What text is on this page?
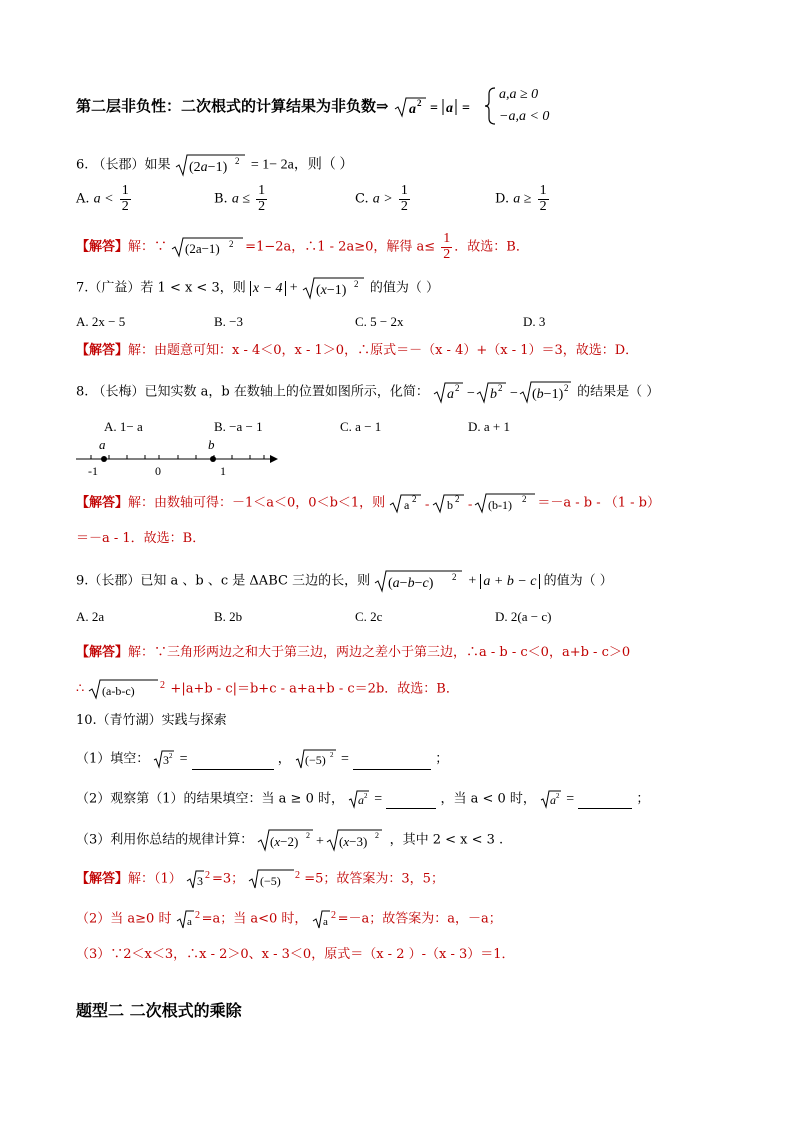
第二层非负性：二次根式的计算结果为非负数⇒ a 2 = a =
a,a ≥ 0
−a,a < 0
6. （长郡）如果 (2a−1) 2 = 1− 2a，则（ ）
A. $a < \frac{1}{2}$	B. $a \le \frac{1}{2}$	C. $a > \frac{1}{2}$	D. $a \ge \frac{1}{2}$
【解答】解：∵ (2a−1) 2 =1−2a，∴1 - 2a≥0，解得 $a\le \frac{1}{2}$ ．故选：B．
7.（广益）若 1 < x < 3，则 x − 4 + (x−1) 2 的值为（ ）
A. 2x − 5	B. −3	C. 5 − 2x	D. 3
【解答】解：由题意可知：x - 4＜0，x - 1＞0，∴原式＝－（x - 4）+（x - 1）＝3，故选：D．
8. （长梅）已知实数 a，b 在数轴上的位置如图所示，化简： a 2 − b 2 − (b−1) 2 的结果是（ ）
A. 1− a	B. −a − 1	C. a − 1	D. a + 1
a	b
-1	0	1
【解答】解：由数轴可得：－1＜a＜0，0＜b＜1，则 a 2 - b 2 - (b-1) 2 ＝－a - b - （1 - b）
＝－a - 1．故选：B．
9.（长郡）已知 a 、b 、c 是 ΔABC 三边的长，则 (a−b−c) 2 + a + b − c 的值为（ ）
A. 2a	B. 2b	C. 2c	D. 2(a − c)
【解答】解：∵三角形两边之和大于第三边，两边之差小于第三边，∴a - b - c＜0，a+b - c＞0
∴ (a-b-c)	2 +|a+b - c|＝b+c - a+a+b - c＝2b．故选：B．
10.（青竹湖）实践与探索
（1）填空： 3 2 =	， (−5) 2 =	；
（2）观察第（1）的结果填空：当 a ≥ 0 时， a 2 =	，当 a < 0 时， a 2 =	；
（3）利用你总结的规律计算： (x−2) 2 + (x−3) 2 ，其中 2 < x < 3 .
【解答】解：（1） 3 2 =3； (−5) 2 =5；故答案为：3，5；
（2）当 a≥0 时 a
2 =a；当 a<0 时， a
2 =－a；故答案为：a，－a；
（3）∵2＜x＜3，∴x - 2＞0、x - 3＜0，原式＝（x - 2 ）-（x - 3）＝1．
题型二 二次根式的乘除
